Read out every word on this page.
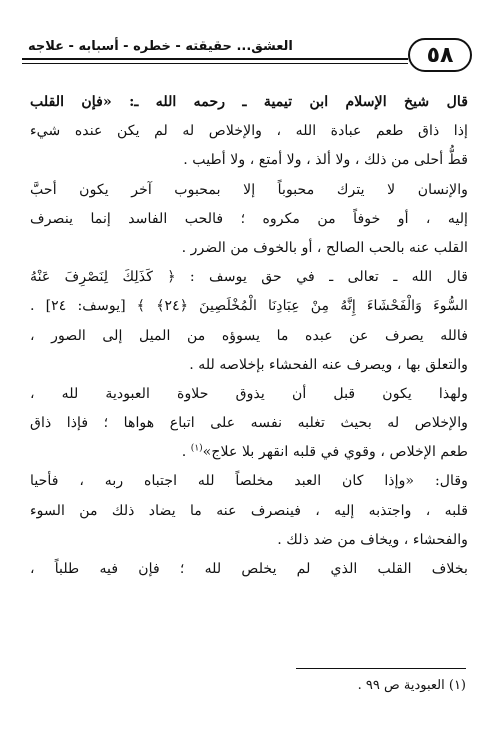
٥٨
العشق... حقيقته - خطره - أسبابه - علاجه
قال شيخ الإسلام ابن تيمية ـ رحمه الله ـ: «فإن القلب
إذا ذاق طعم عبادة الله ، والإخلاص له لم يكن عنده شيء
قطُّ أحلى من ذلك ، ولا ألذ ، ولا أمتع ، ولا أطيب .
والإنسان لا يترك محبوباً إلا بمحبوب آخر يكون أحبَّ
إليه ، أو خوفاً من مكروه ؛ فالحب الفاسد إنما ينصرف
القلب عنه بالحب الصالح ، أو بالخوف من الضرر .
قال الله ـ تعالى ـ في حق يوسف : ﴿ كَذَلِكَ لِنَصْرِفَ عَنْهُ
السُّوءَ وَالْفَحْشَاءَ إِنَّهُ مِنْ عِبَادِنَا الْمُخْلَصِينَ ﴿٢٤﴾ ﴾ [يوسف: ٢٤] .
فالله يصرف عن عبده ما يسوؤه من الميل إلى الصور ،
والتعلق بها ، ويصرف عنه الفحشاء بإخلاصه لله .
ولهذا يكون قبل أن يذوق حلاوة العبودية لله ،
والإخلاص له بحيث تغلبه نفسه على اتباع هواها ؛ فإذا ذاق
طعم الإخلاص ، وقوي في قلبه انقهر بلا علاج»$^{(١)}$ .
وقال: «وإذا كان العبد مخلصاً لله اجتباه ربه ، فأحيا
قلبه ، واجتذبه إليه ، فينصرف عنه ما يضاد ذلك من السوء
والفحشاء ، ويخاف من ضد ذلك .
بخلاف القلب الذي لم يخلص لله ؛ فإن فيه طلباً ،
(١) العبودية ص ٩٩ .
